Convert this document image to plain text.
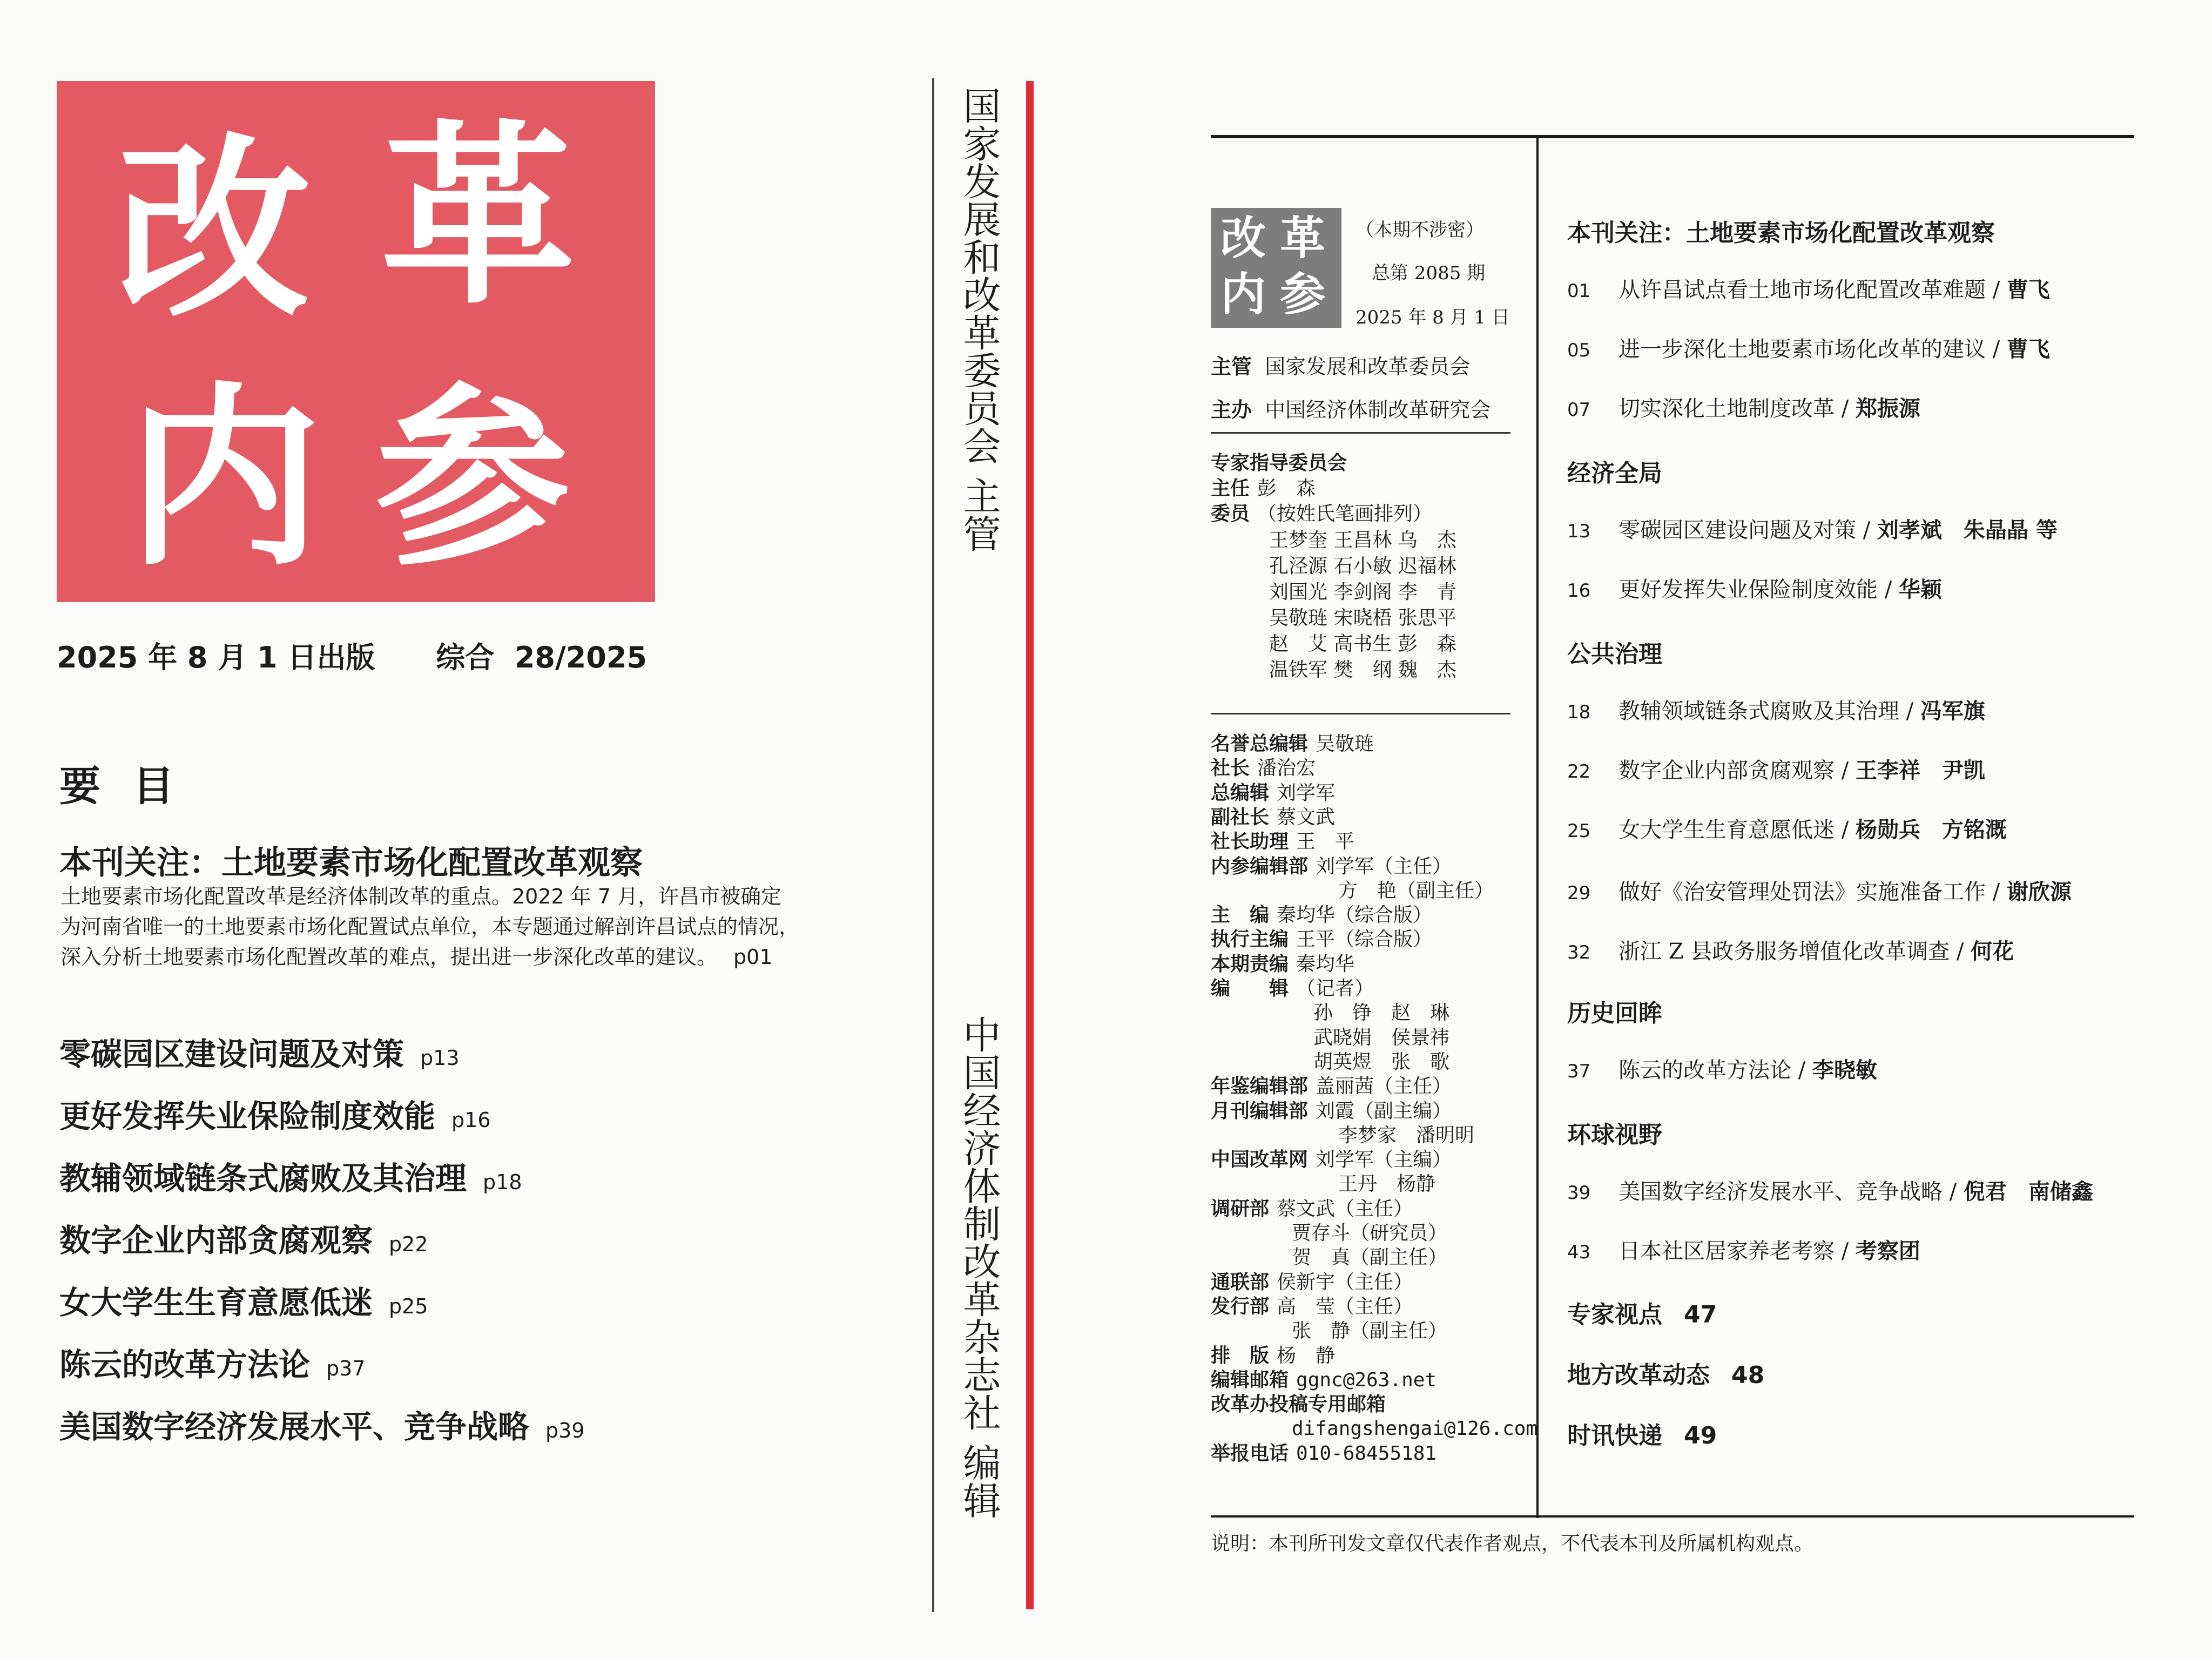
改 革
内 参
2025 年 8 月 1 日出版      综合  28/2025
要目
本刊关注：土地要素市场化配置改革观察
土地要素市场化配置改革是经济体制改革的重点。2022 年 7 月，许昌市被确定为河南省唯一的土地要素市场化配置试点单位，本专题通过解剖许昌试点的情况，深入分析土地要素市场化配置改革的难点，提出进一步深化改革的建议。 p01
零碳园区建设问题及对策 p13
更好发挥失业保险制度效能 p16
教辅领域链条式腐败及其治理 p18
数字企业内部贪腐观察 p22
女大学生生育意愿低迷 p25
陈云的改革方法论 p37
美国数字经济发展水平、竞争战略 p39
国家发展和改革委员会 主管
中国经济体制改革杂志社 编辑
说明：本刊所刊发文章仅代表作者观点，不代表本刊及所属机构观点。
改 革
内 参
（本期不涉密）
总第 2085 期
2025 年 8 月 1 日
主管 国家发展和改革委员会
主办 中国经济体制改革研究会
专家指导委员会
主任 彭　森
委员 （按姓氏笔画排列）
王梦奎 王昌林 乌　杰
孔泾源 石小敏 迟福林
刘国光 李剑阁 李　青
吴敬琏 宋晓梧 张思平
赵　艾 高书生 彭　森
温铁军 樊　纲 魏　杰
名誉总编辑 吴敬琏
社长 潘治宏
总编辑 刘学军
副社长 蔡文武
社长助理 王　平
内参编辑部 刘学军（主任）
方　艳（副主任）
主　编 秦均华（综合版）
执行主编 王平（综合版）
本期责编 秦均华
编　　辑 （记者）
孙　铮　赵　琳
武晓娟　侯景祎
胡英煜　张　歌
年鉴编辑部 盖丽茜（主任）
月刊编辑部 刘霞（副主编）
李梦家　潘明明
中国改革网 刘学军（主编）
王丹　杨静
调研部 蔡文武（主任）
贾存斗（研究员）
贺　真（副主任）
通联部 侯新宇（主任）
发行部 高　莹（主任）
张　静（副主任）
排　版 杨　静
编辑邮箱 ggnc@263.net
改革办投稿专用邮箱
difangshengai@126.com
举报电话 010-68455181
本刊关注：土地要素市场化配置改革观察
01 从许昌试点看土地市场化配置改革难题 / 曹飞
05 进一步深化土地要素市场化改革的建议 / 曹飞
07 切实深化土地制度改革 / 郑振源
经济全局
13 零碳园区建设问题及对策 / 刘孝斌　朱晶晶 等
16 更好发挥失业保险制度效能 / 华颖
公共治理
18 教辅领域链条式腐败及其治理 / 冯军旗
22 数字企业内部贪腐观察 / 王李祥　尹凯
25 女大学生生育意愿低迷 / 杨勋兵　方铭溉
29 做好《治安管理处罚法》实施准备工作 / 谢欣源
32 浙江 Z 县政务服务增值化改革调查 / 何花
历史回眸
37 陈云的改革方法论 / 李晓敏
环球视野
39 美国数字经济发展水平、竞争战略 / 倪君　南储鑫
43 日本社区居家养老考察 / 考察团
专家视点 47
地方改革动态 48
时讯快递 49
